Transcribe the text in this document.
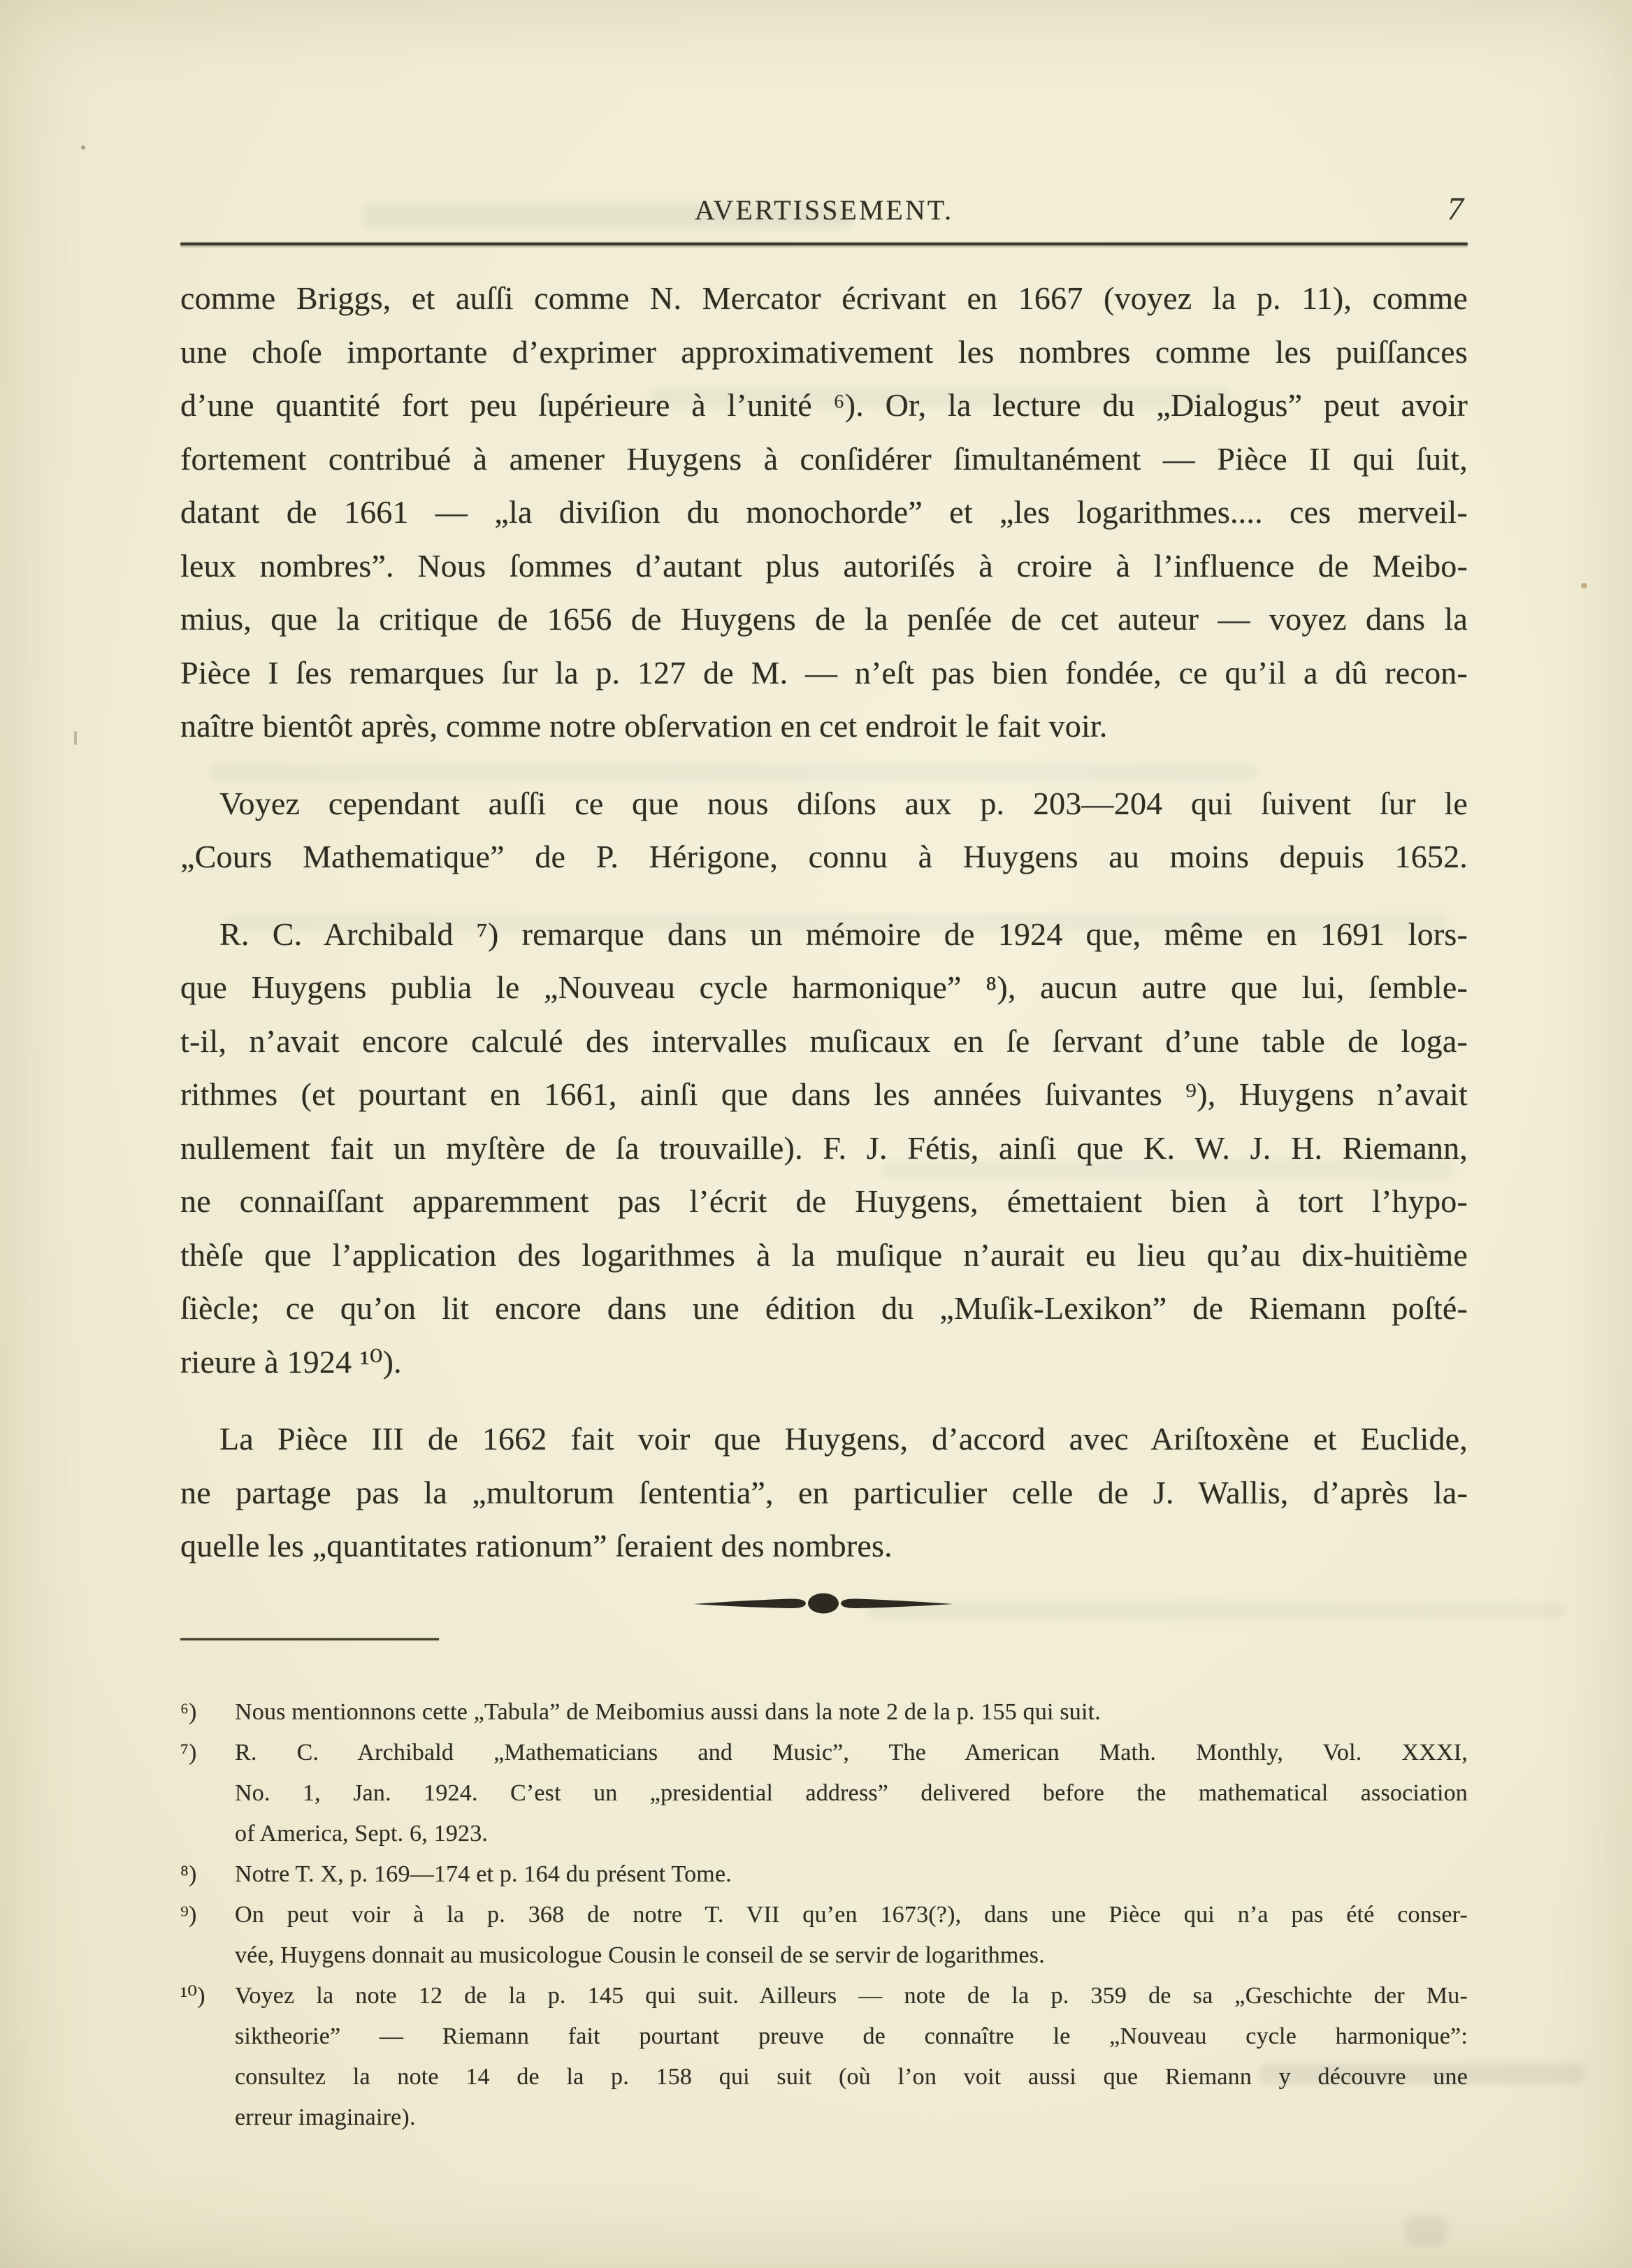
AVERTISSEMENT.	7
comme Briggs, et auſſi comme N. Mercator écrivant en 1667 (voyez la p. 11), comme
une choſe importante d’exprimer approximativement les nombres comme les puiſſances
d’une quantité fort peu ſupérieure à l’unité ⁶). Or, la lecture du „Dialogus” peut avoir
fortement contribué à amener Huygens à conſidérer ſimultanément — Pièce II qui ſuit,
datant de 1661 — „la diviſion du monochorde” et „les logarithmes.... ces merveil-
leux nombres”. Nous ſommes d’autant plus autoriſés à croire à l’influence de Meibo-
mius, que la critique de 1656 de Huygens de la penſée de cet auteur — voyez dans la
Pièce I ſes remarques ſur la p. 127 de M. — n’eſt pas bien fondée, ce qu’il a dû recon-
naître bientôt après, comme notre obſervation en cet endroit le fait voir.
Voyez cependant auſſi ce que nous diſons aux p. 203—204 qui ſuivent ſur le
„Cours Mathematique” de P. Hérigone, connu à Huygens au moins depuis 1652.
R. C. Archibald ⁷) remarque dans un mémoire de 1924 que, même en 1691 lors-
que Huygens publia le „Nouveau cycle harmonique” ⁸), aucun autre que lui, ſemble-
t-il, n’avait encore calculé des intervalles muſicaux en ſe ſervant d’une table de loga-
rithmes (et pourtant en 1661, ainſi que dans les années ſuivantes ⁹), Huygens n’avait
nullement fait un myſtère de ſa trouvaille). F. J. Fétis, ainſi que K. W. J. H. Riemann,
ne connaiſſant apparemment pas l’écrit de Huygens, émettaient bien à tort l’hypo-
thèſe que l’application des logarithmes à la muſique n’aurait eu lieu qu’au dix-huitième
ſiècle; ce qu’on lit encore dans une édition du „Muſik-Lexikon” de Riemann poſté-
rieure à 1924 ¹⁰).
La Pièce III de 1662 fait voir que Huygens, d’accord avec Ariſtoxène et Euclide,
ne partage pas la „multorum ſententia”, en particulier celle de J. Wallis, d’après la-
quelle les „quantitates rationum” ſeraient des nombres.
⁶) Nous mentionnons cette „Tabula” de Meibomius aussi dans la note 2 de la p. 155 qui suit.
⁷) R. C. Archibald „Mathematicians and Music”, The American Math. Monthly, Vol. XXXI,
No. 1, Jan. 1924. C’est un „presidential address” delivered before the mathematical association
of America, Sept. 6, 1923.
⁸) Notre T. X, p. 169—174 et p. 164 du présent Tome.
⁹) On peut voir à la p. 368 de notre T. VII qu’en 1673(?), dans une Pièce qui n’a pas été conser-
vée, Huygens donnait au musicologue Cousin le conseil de se servir de logarithmes.
¹⁰) Voyez la note 12 de la p. 145 qui suit. Ailleurs — note de la p. 359 de sa „Geschichte der Mu-
siktheorie” — Riemann fait pourtant preuve de connaître le „Nouveau cycle harmonique”:
consultez la note 14 de la p. 158 qui suit (où l’on voit aussi que Riemann y découvre une
erreur imaginaire).
